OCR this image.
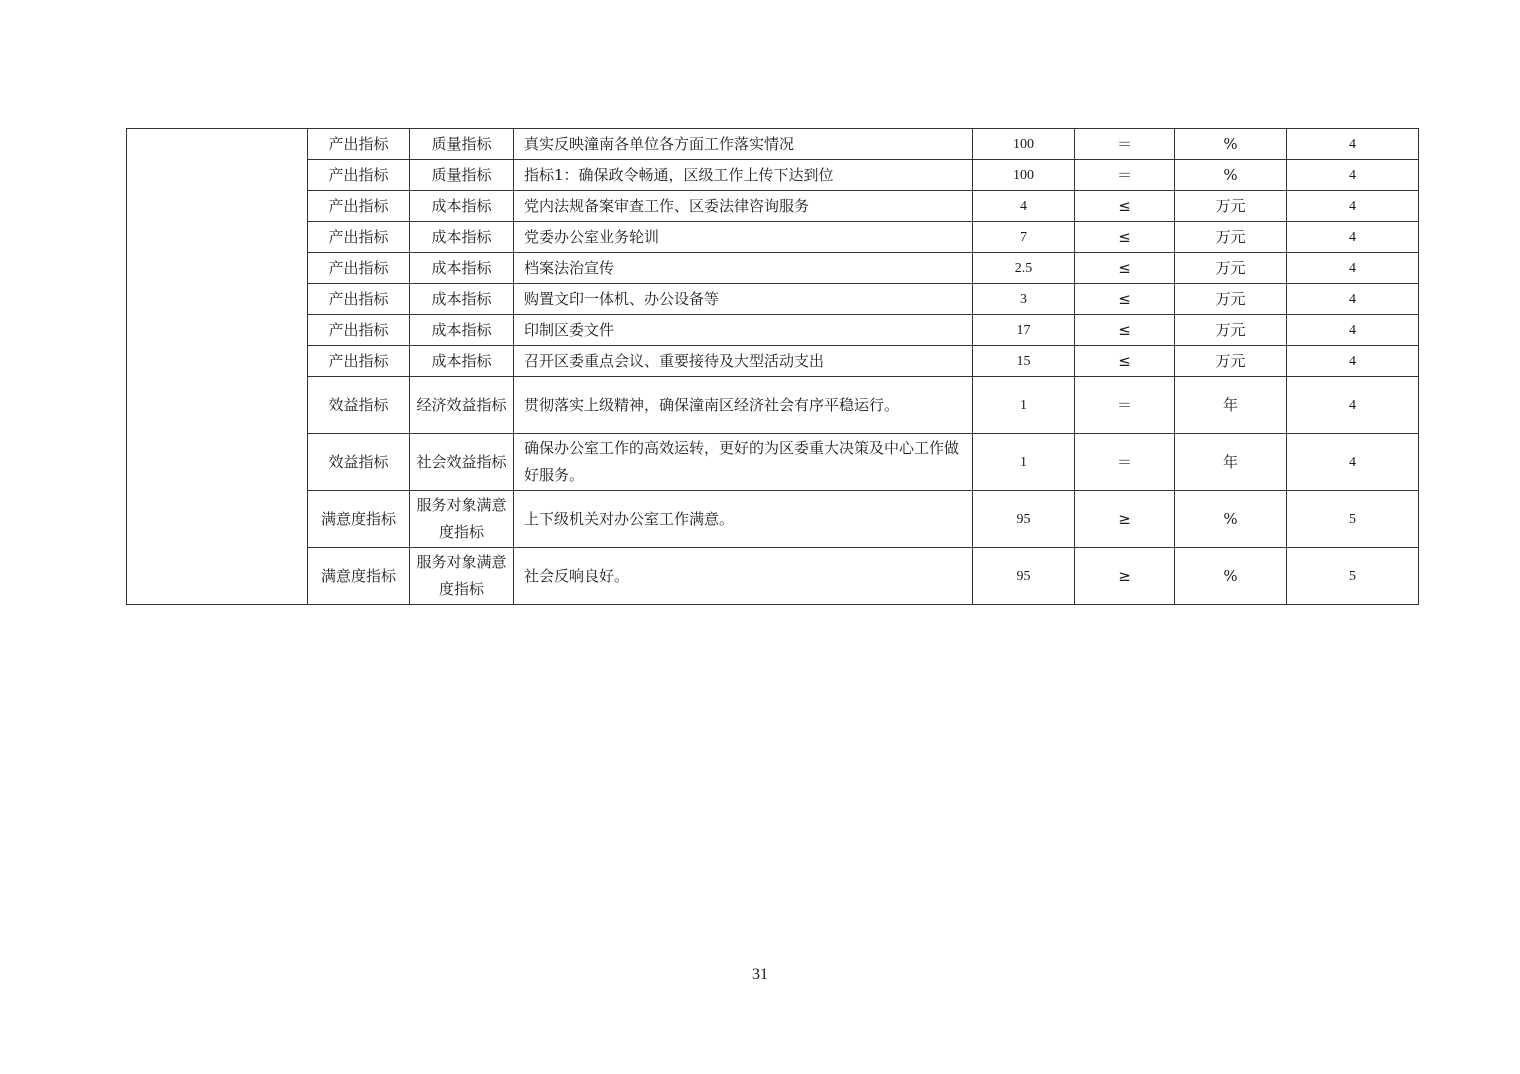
	产出指标	质量指标	真实反映潼南各单位各方面工作落实情况	100	＝	%	4
	产出指标	质量指标	指标1：确保政令畅通，区级工作上传下达到位	100	＝	%	4
	产出指标	成本指标	党内法规备案审查工作、区委法律咨询服务	4	≤	万元	4
	产出指标	成本指标	党委办公室业务轮训	7	≤	万元	4
	产出指标	成本指标	档案法治宣传	2.5	≤	万元	4
	产出指标	成本指标	购置文印一体机、办公设备等	3	≤	万元	4
	产出指标	成本指标	印制区委文件	17	≤	万元	4
	产出指标	成本指标	召开区委重点会议、重要接待及大型活动支出	15	≤	万元	4
	效益指标	经济效益指标	贯彻落实上级精神，确保潼南区经济社会有序平稳运行。	1	＝	年	4
	效益指标	社会效益指标	确保办公室工作的高效运转，更好的为区委重大决策及中心工作做好服务。	1	＝	年	4
	满意度指标	服务对象满意度指标	上下级机关对办公室工作满意。	95	≥	%	5
	满意度指标	服务对象满意度指标	社会反响良好。	95	≥	%	5
31
